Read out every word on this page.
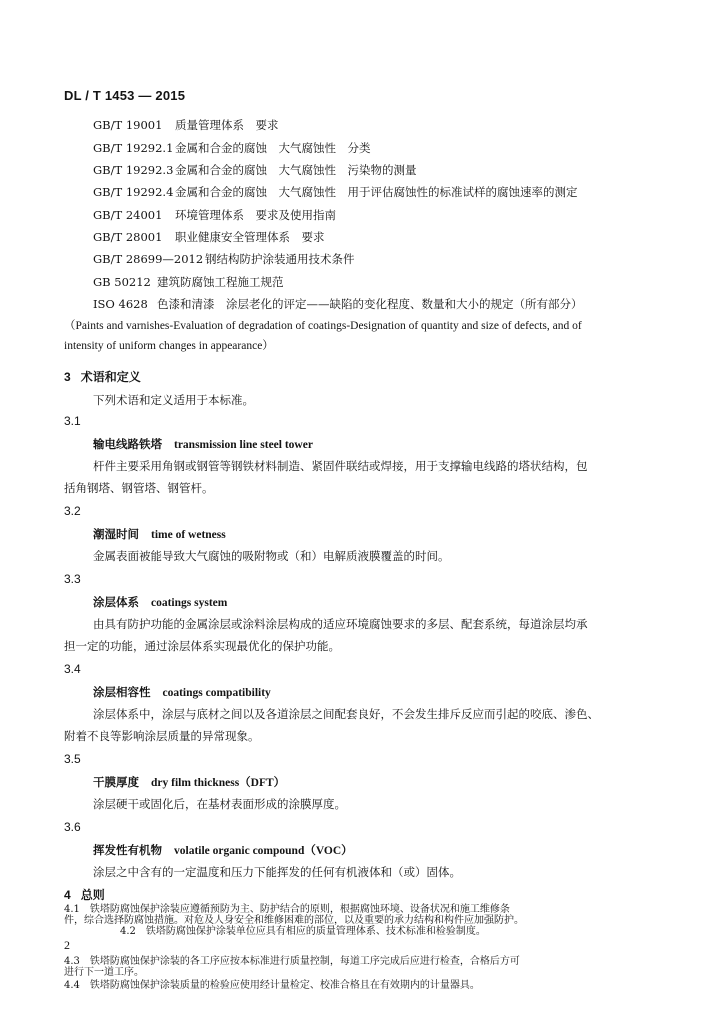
DL / T 1453 — 2015
GB/T 19001 质量管理体系　要求
GB/T 19292.1 金属和合金的腐蚀　大气腐蚀性　分类
GB/T 19292.3 金属和合金的腐蚀　大气腐蚀性　污染物的测量
GB/T 19292.4 金属和合金的腐蚀　大气腐蚀性　用于评估腐蚀性的标准试样的腐蚀速率的测定
GB/T 24001 环境管理体系　要求及使用指南
GB/T 28001 职业健康安全管理体系　要求
GB/T 28699—2012 钢结构防护涂装通用技术条件
GB 50212 建筑防腐蚀工程施工规范
ISO 4628 色漆和清漆　涂层老化的评定——缺陷的变化程度、数量和大小的规定（所有部分）
（Paints and varnishes-Evaluation of degradation of coatings-Designation of quantity and size of defects, and of
intensity of uniform changes in appearance）
3 术语和定义
下列术语和定义适用于本标准。
3.1
输电线路铁塔 transmission line steel tower
杆件主要采用角钢或钢管等钢铁材料制造、紧固件联结或焊接，用于支撑输电线路的塔状结构，包
括角钢塔、钢管塔、钢管杆。
3.2
潮湿时间 time of wetness
金属表面被能导致大气腐蚀的吸附物或（和）电解质液膜覆盖的时间。
3.3
涂层体系 coatings system
由具有防护功能的金属涂层或涂料涂层构成的适应环境腐蚀要求的多层、配套系统，每道涂层均承
担一定的功能，通过涂层体系实现最优化的保护功能。
3.4
涂层相容性 coatings compatibility
涂层体系中，涂层与底材之间以及各道涂层之间配套良好，不会发生排斥反应而引起的咬底、渗色、
附着不良等影响涂层质量的异常现象。
3.5
干膜厚度 dry film thickness（DFT）
涂层硬干或固化后，在基材表面形成的涂膜厚度。
3.6
挥发性有机物 volatile organic compound（VOC）
涂层之中含有的一定温度和压力下能挥发的任何有机液体和（或）固体。
4 总则
4.1　 铁塔防腐蚀保护涂装应遵循预防为主、防护结合的原则，根据腐蚀环境、设备状况和施工维修条
件，综合选择防腐蚀措施。对危及人身安全和维修困难的部位，以及重要的承力结构和构件应加强防护。
4.2　 铁塔防腐蚀保护涂装单位应具有相应的质量管理体系、技术标准和检验制度。
4.3　 铁塔防腐蚀保护涂装的各工序应按本标准进行质量控制，每道工序完成后应进行检查，合格后方可
进行下一道工序。
4.4　 铁塔防腐蚀保护涂装质量的检验应使用经计量检定、校准合格且在有效期内的计量器具。
2
